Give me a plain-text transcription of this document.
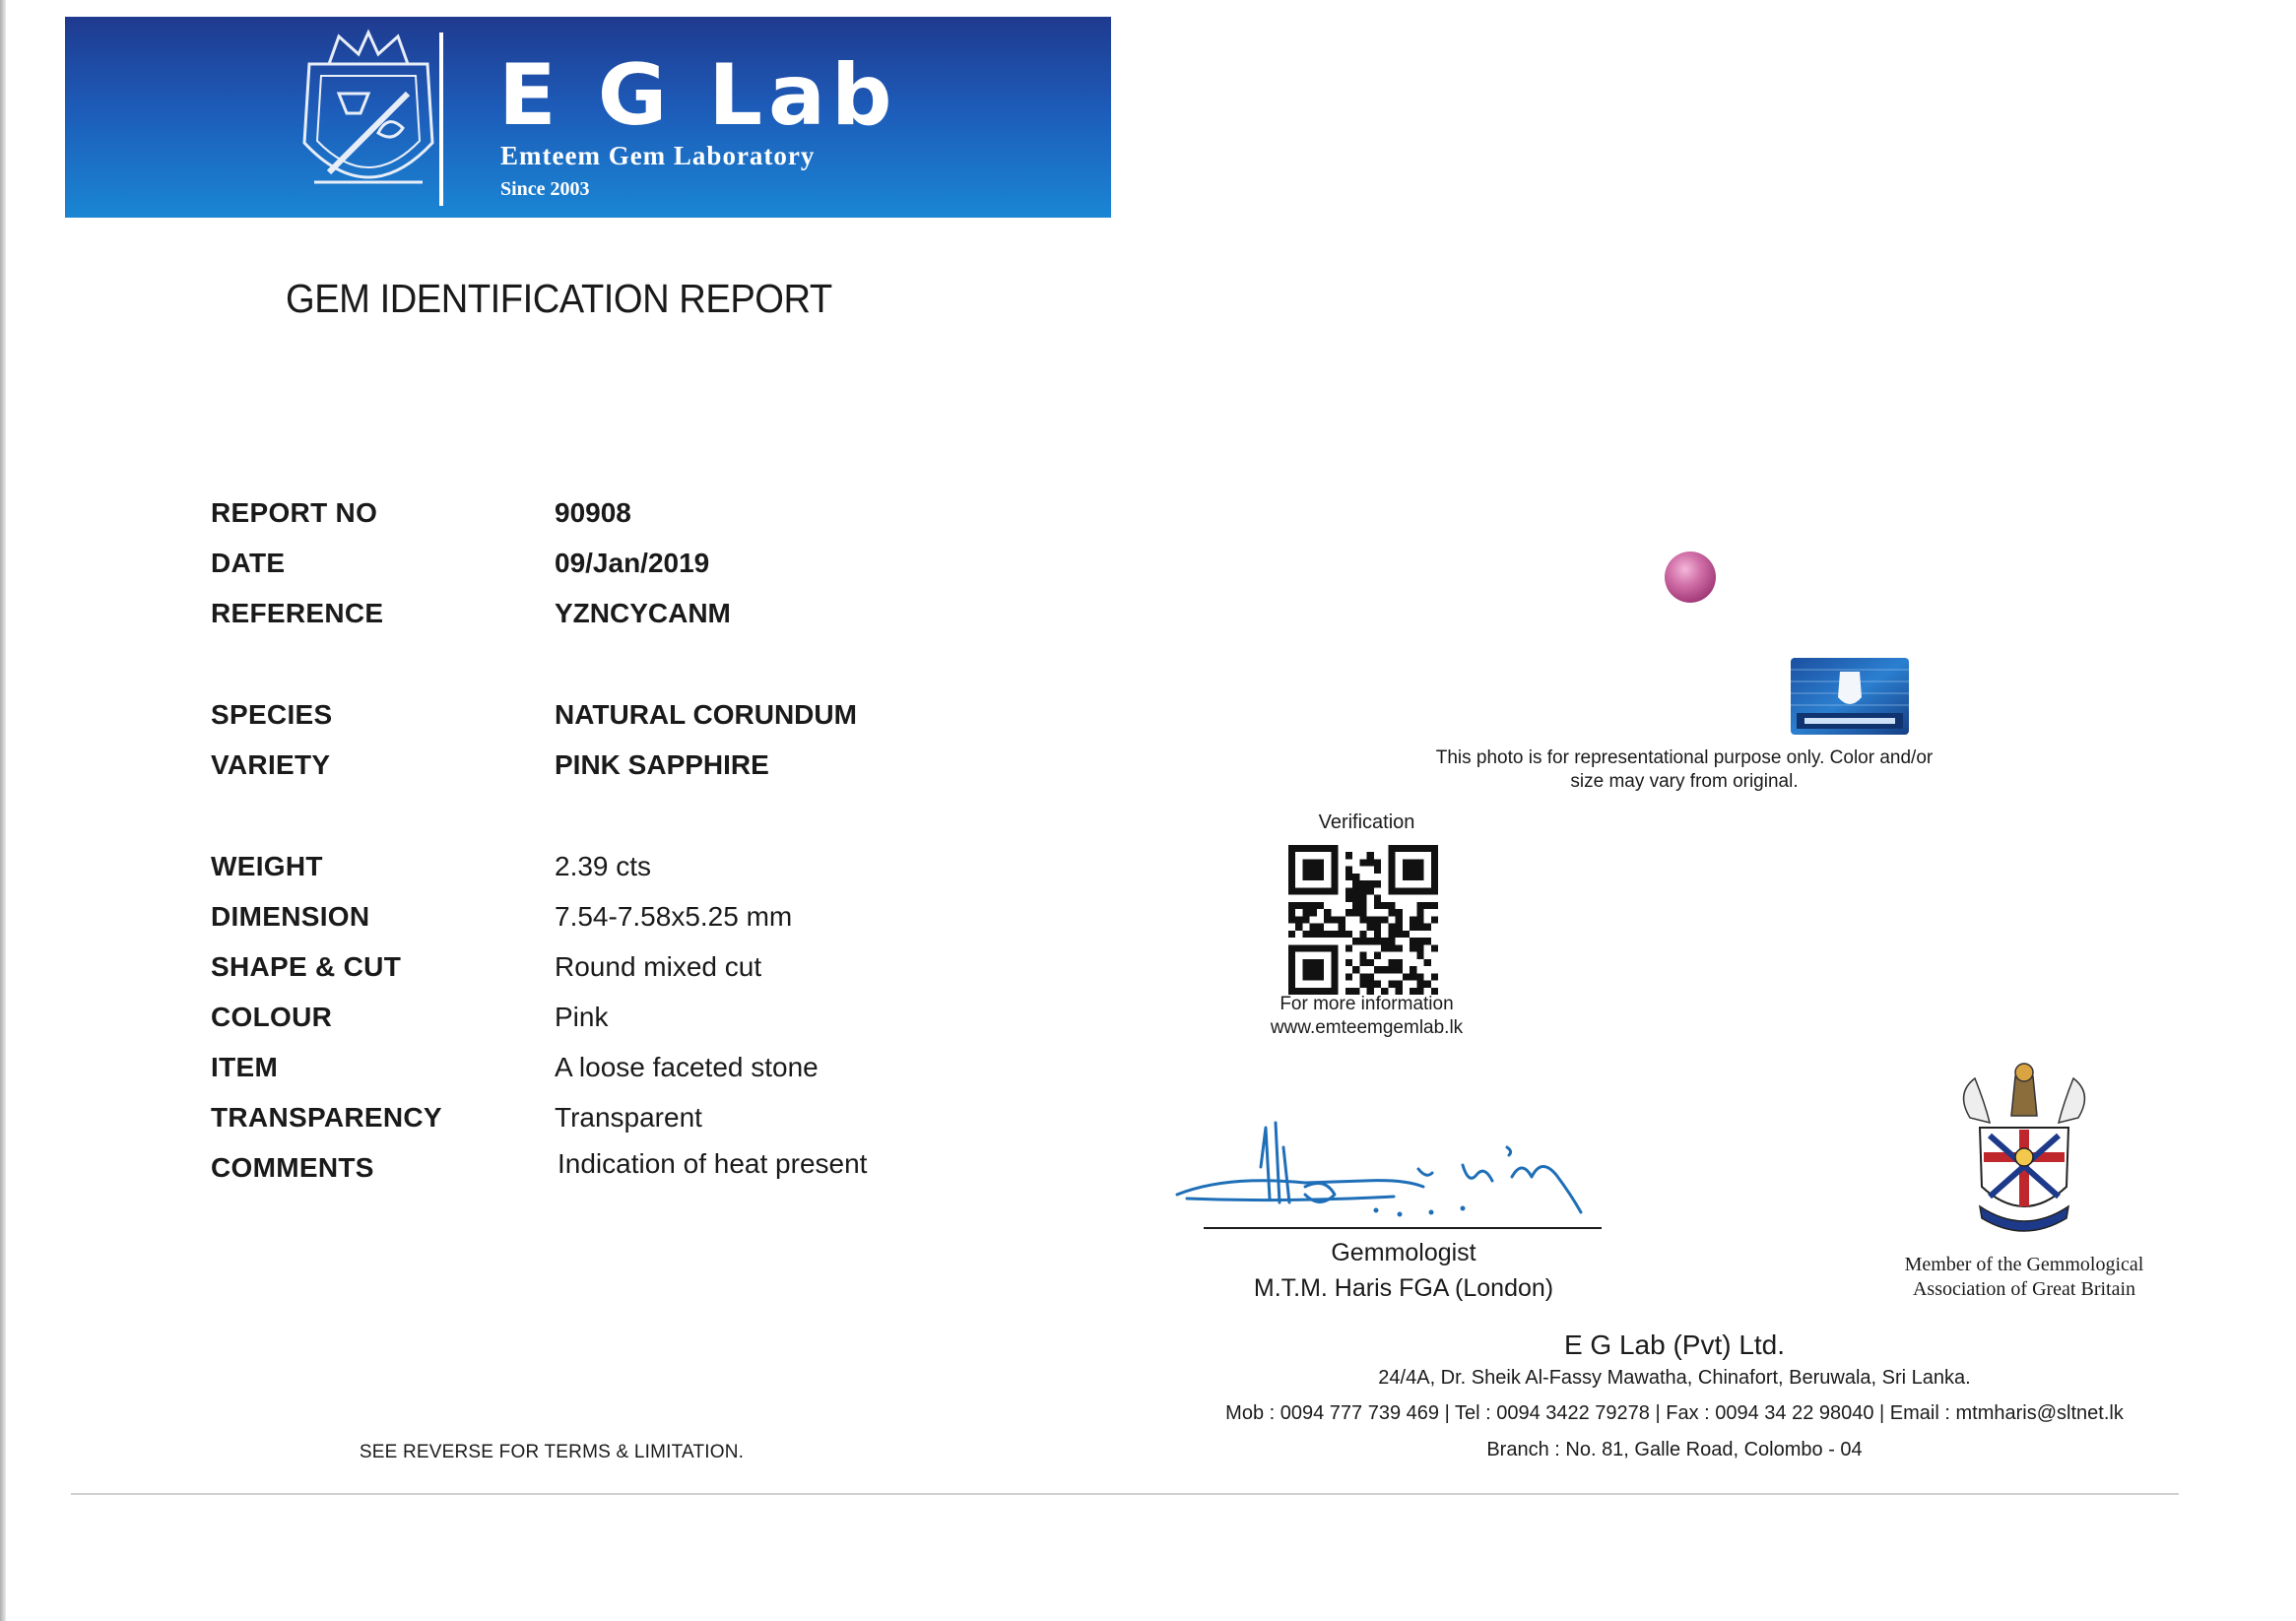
E G Lab
Emteem Gem Laboratory
Since 2003
GEM IDENTIFICATION REPORT
REPORT NO	90908
DATE	09/Jan/2019
REFERENCE	YZNCYCANM
SPECIES	NATURAL CORUNDUM
VARIETY	PINK SAPPHIRE
WEIGHT	2.39 cts
DIMENSION	7.54-7.58x5.25 mm
SHAPE & CUT	Round mixed cut
COLOUR	Pink
ITEM	A loose faceted stone
TRANSPARENCY	Transparent
COMMENTS	Indication of heat present
This photo is for representational purpose only. Color and/or
size may vary from original.
Verification
For more information
www.emteemgemlab.lk
Gemmologist
M.T.M. Haris FGA (London)
Member of the Gemmological
Association of Great Britain
E G Lab (Pvt) Ltd.
24/4A, Dr. Sheik Al-Fassy Mawatha, Chinafort, Beruwala, Sri Lanka.
Mob : 0094 777 739 469 | Tel : 0094 3422 79278 | Fax : 0094 34 22 98040 | Email : mtmharis@sltnet.lk
Branch : No. 81, Galle Road, Colombo - 04
SEE REVERSE FOR TERMS & LIMITATION.
